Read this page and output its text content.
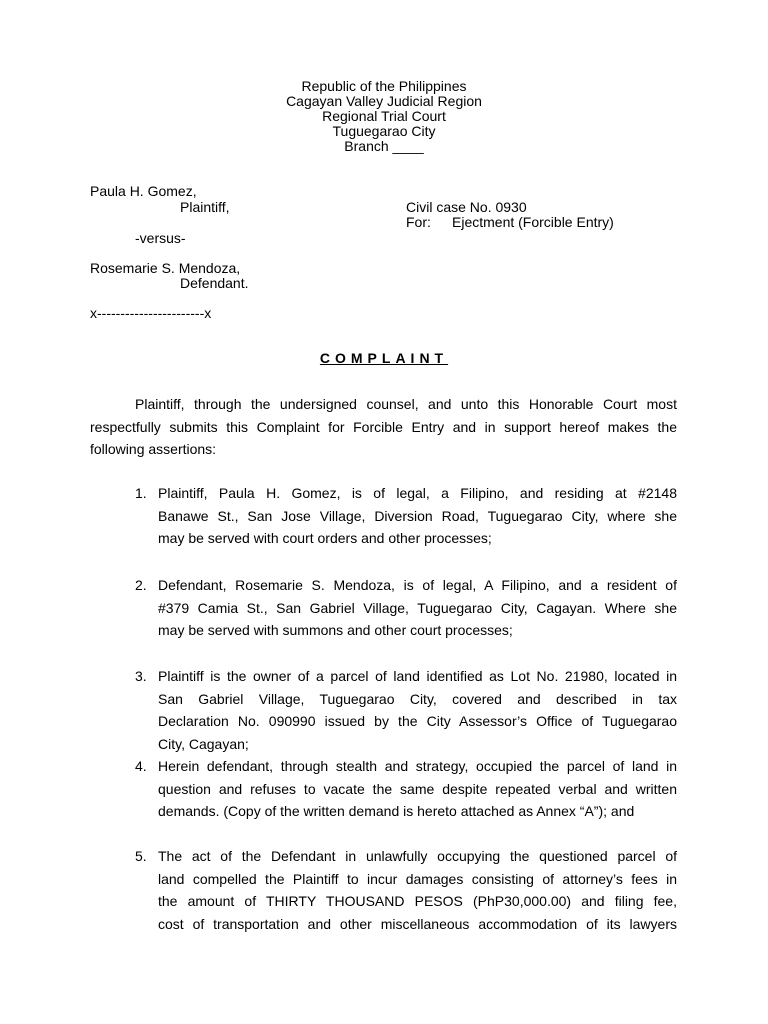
Republic of the Philippines
Cagayan Valley Judicial Region
Regional Trial Court
Tuguegarao City
Branch ____
Paula H. Gomez,
Plaintiff,	Civil case No. 0930
For: Ejectment (Forcible Entry)
-versus-
Rosemarie S. Mendoza,
Defendant.
x-----------------------x
COMPLAINT

Plaintiff, through the undersigned counsel, and unto this Honorable Court most respectfully submits this Complaint for Forcible Entry and in support hereof makes the following assertions:

1. Plaintiff, Paula H. Gomez, is of legal, a Filipino, and residing at #2148
Banawe St., San Jose Village, Diversion Road, Tuguegarao City, where she
may be served with court orders and other processes;
2. Defendant, Rosemarie S. Mendoza, is of legal, A Filipino, and a resident of
#379 Camia St., San Gabriel Village, Tuguegarao City, Cagayan. Where she
may be served with summons and other court processes;
3. Plaintiff is the owner of a parcel of land identified as Lot No. 21980, located in
San Gabriel Village, Tuguegarao City, covered and described in tax
Declaration No. 090990 issued by the City Assessor’s Office of Tuguegarao
City, Cagayan;
4. Herein defendant, through stealth and strategy, occupied the parcel of land in
question and refuses to vacate the same despite repeated verbal and written
demands. (Copy of the written demand is hereto attached as Annex “A”); and
5. The act of the Defendant in unlawfully occupying the questioned parcel of
land compelled the Plaintiff to incur damages consisting of attorney’s fees in
the amount of THIRTY THOUSAND PESOS (PhP30,000.00) and filing fee,
cost of transportation and other miscellaneous accommodation of its lawyers
